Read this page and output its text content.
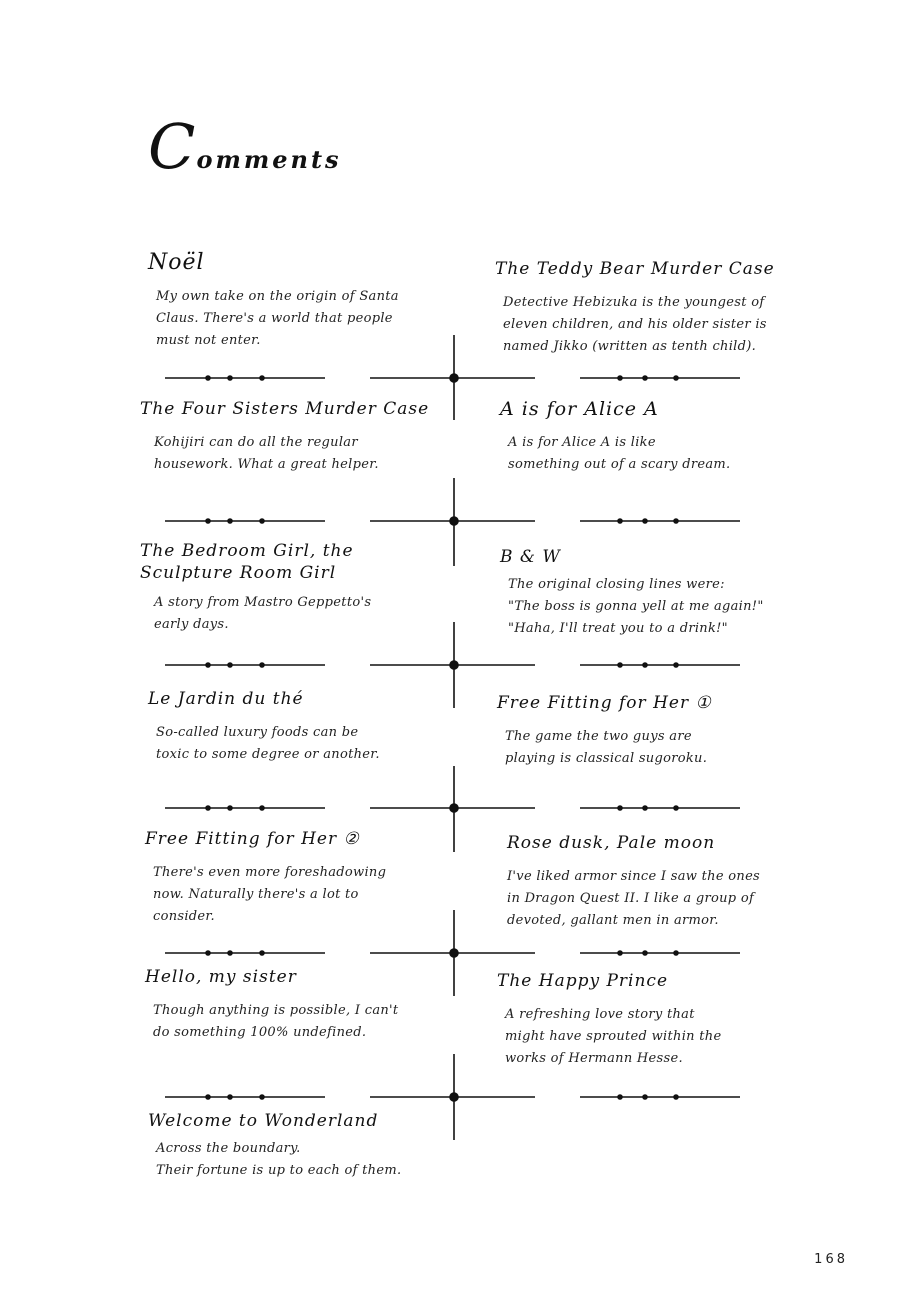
Comments
Noël
My own take on the origin of Santa
Claus. There's a world that people
must not enter.
The Teddy Bear Murder Case
Detective Hebizuka is the youngest of
eleven children, and his older sister is
named Jikko (written as tenth child).
The Four Sisters Murder Case
Kohijiri can do all the regular
housework. What a great helper.
A is for Alice A
A is for Alice A is like
something out of a scary dream.
The Bedroom Girl, the
Sculpture Room Girl
A story from Mastro Geppetto's
early days.
B & W
The original closing lines were:
"The boss is gonna yell at me again!"
"Haha, I'll treat you to a drink!"
Le Jardin du thé
So-called luxury foods can be
toxic to some degree or another.
Free Fitting for Her ①
The game the two guys are
playing is classical sugoroku.
Free Fitting for Her ②
There's even more foreshadowing
now. Naturally there's a lot to
consider.
Rose dusk, Pale moon
I've liked armor since I saw the ones
in Dragon Quest II. I like a group of
devoted, gallant men in armor.
Hello, my sister
Though anything is possible, I can't
do something 100% undefined.
The Happy Prince
A refreshing love story that
might have sprouted within the
works of Hermann Hesse.
Welcome to Wonderland
Across the boundary.
Their fortune is up to each of them.
168
